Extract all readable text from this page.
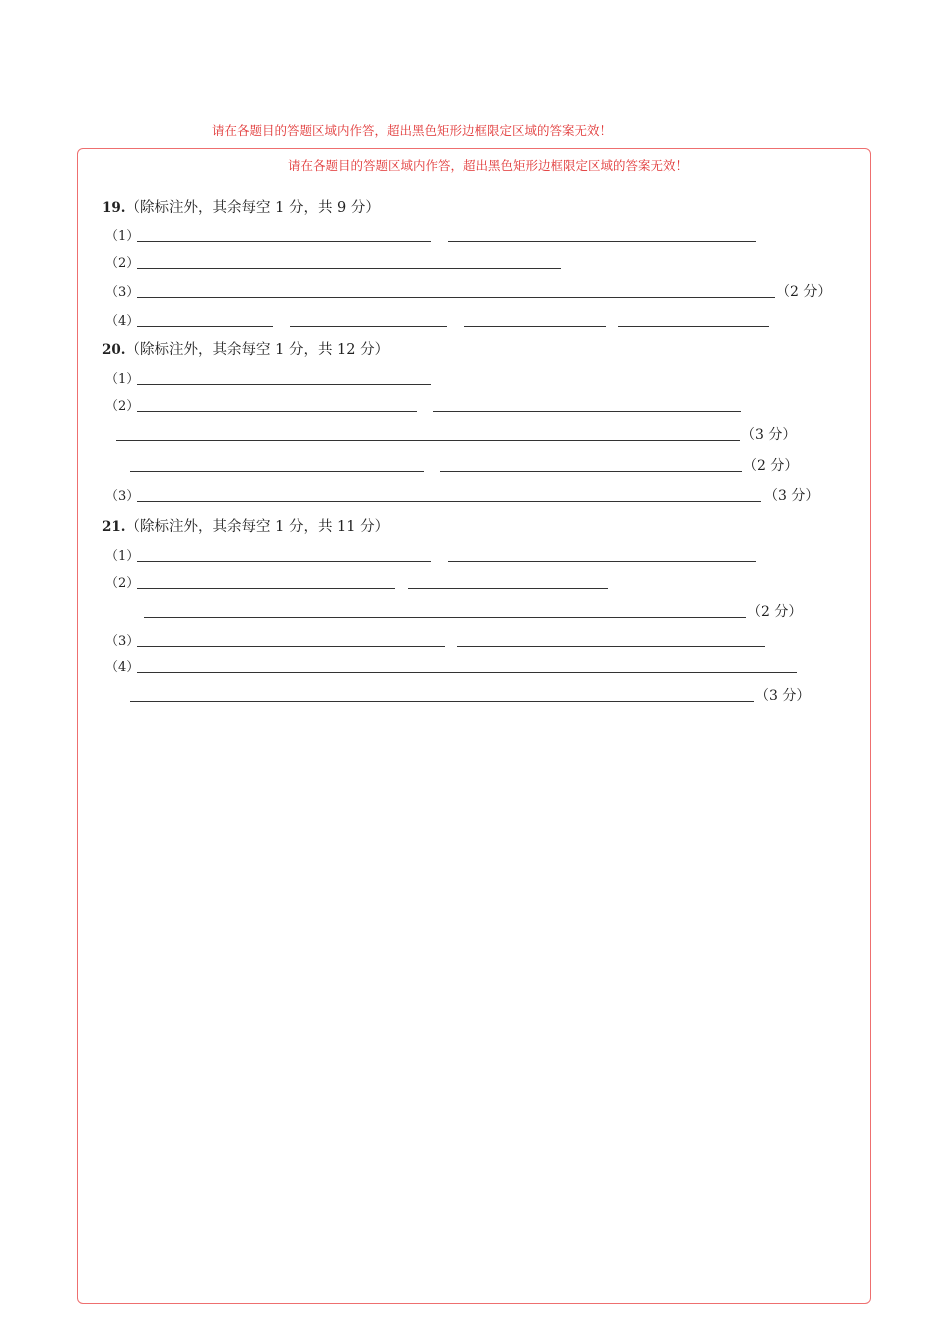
请在各题目的答题区域内作答，超出黑色矩形边框限定区域的答案无效！
请在各题目的答题区域内作答，超出黑色矩形边框限定区域的答案无效！
19.（除标注外，其余每空 1 分，共 9 分）
（1）
（2）
（3）	（2 分）
（4）
20.（除标注外，其余每空 1 分，共 12 分）
（1）
（2）
（3 分）
（2 分）
（3）	（3 分）
21.（除标注外，其余每空 1 分，共 11 分）
（1）
（2）
（2 分）
（3）
（4）
（3 分）
